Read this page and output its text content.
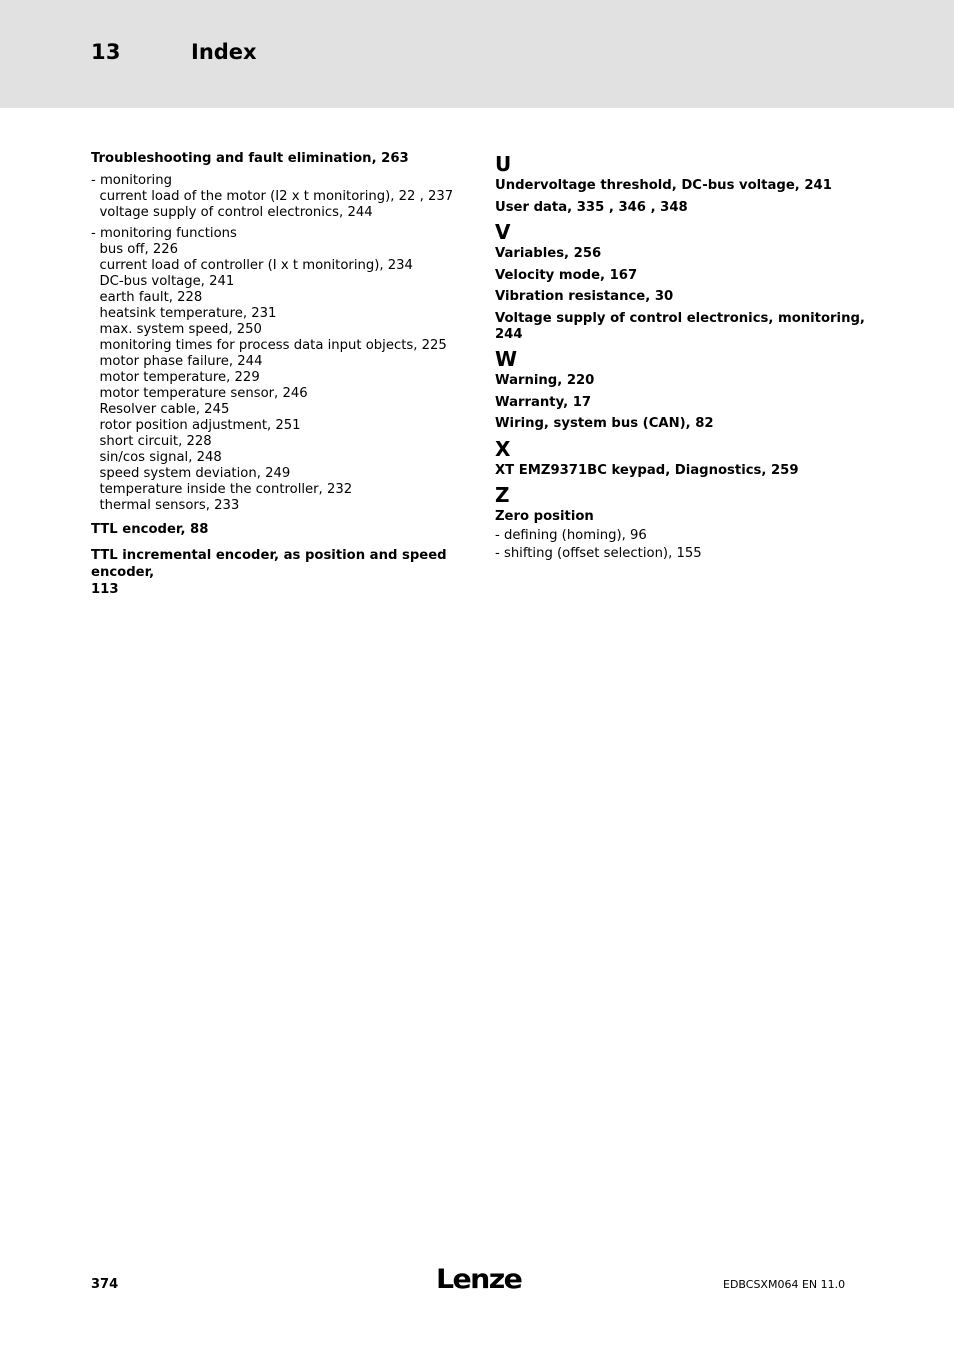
13	Index
Troubleshooting and fault elimination, 263
- monitoring
current load of the motor (I2 x t monitoring), 22 , 237
voltage supply of control electronics, 244
- monitoring functions
bus off, 226
current load of controller (I x t monitoring), 234
DC-bus voltage, 241
earth fault, 228
heatsink temperature, 231
max. system speed, 250
monitoring times for process data input objects, 225
motor phase failure, 244
motor temperature, 229
motor temperature sensor, 246
Resolver cable, 245
rotor position adjustment, 251
short circuit, 228
sin/cos signal, 248
speed system deviation, 249
temperature inside the controller, 232
thermal sensors, 233
TTL encoder, 88
TTL incremental encoder, as position and speed encoder,
113
U
Undervoltage threshold, DC-bus voltage, 241
User data, 335 , 346 , 348
V
Variables, 256
Velocity mode, 167
Vibration resistance, 30
Voltage supply of control electronics, monitoring, 244
W
Warning, 220
Warranty, 17
Wiring, system bus (CAN), 82
X
XT EMZ9371BC keypad, Diagnostics, 259
Z
Zero position
- defining (homing), 96
- shifting (offset selection), 155
374	Lenze	EDBCSXM064 EN 11.0
